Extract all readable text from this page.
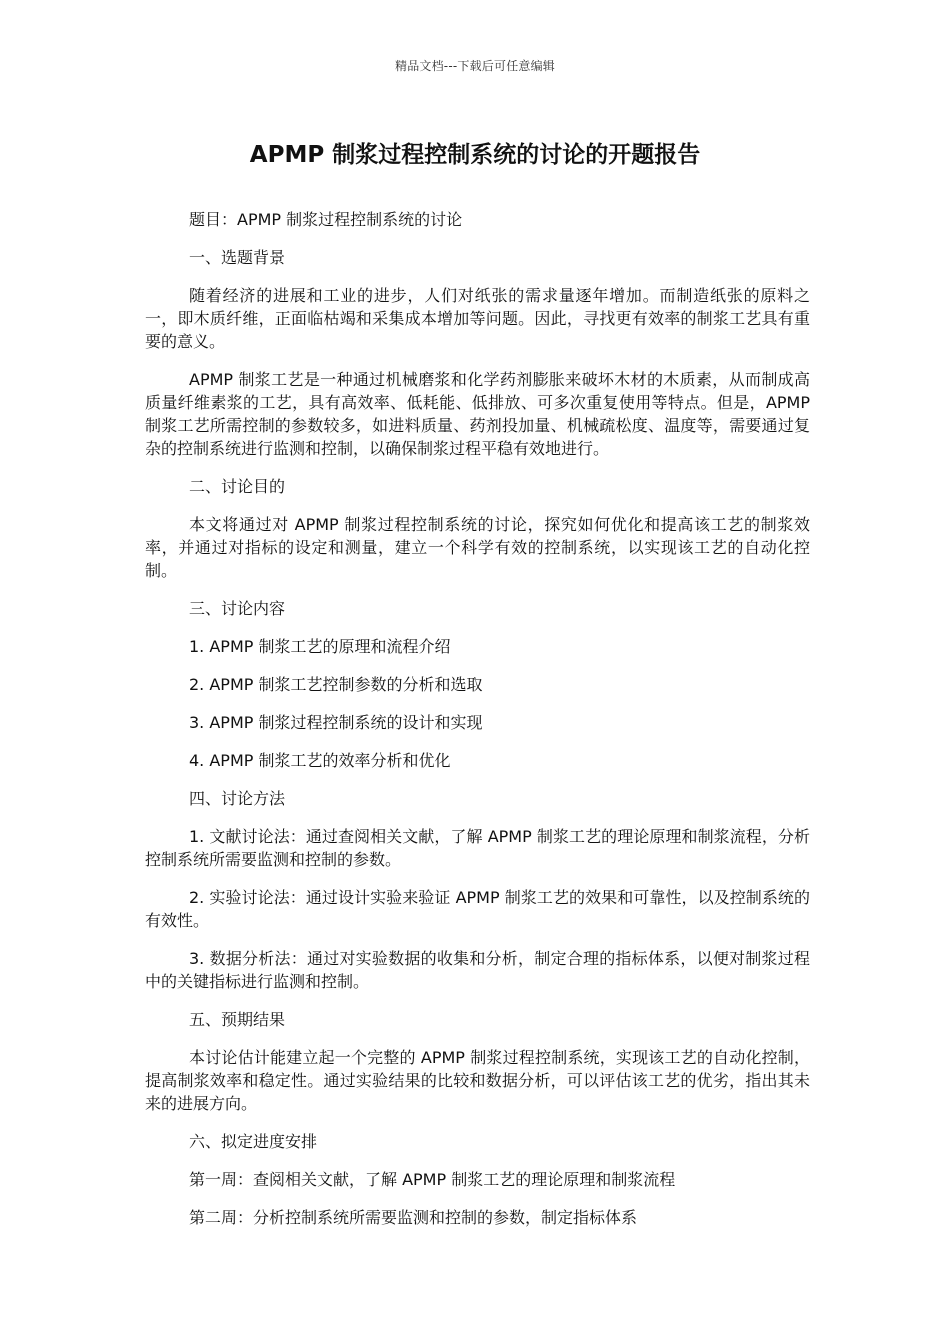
精品文档---下载后可任意编辑
APMP 制浆过程控制系统的讨论的开题报告

题目：APMP 制浆过程控制系统的讨论

一、选题背景

随着经济的进展和工业的进步，人们对纸张的需求量逐年增加。而制造纸张的原料之一，即木质纤维，正面临枯竭和采集成本增加等问题。因此，寻找更有效率的制浆工艺具有重要的意义。

APMP 制浆工艺是一种通过机械磨浆和化学药剂膨胀来破坏木材的木质素，从而制成高质量纤维素浆的工艺，具有高效率、低耗能、低排放、可多次重复使用等特点。但是，APMP 制浆工艺所需控制的参数较多，如进料质量、药剂投加量、机械疏松度、温度等，需要通过复杂的控制系统进行监测和控制，以确保制浆过程平稳有效地进行。

二、讨论目的

本文将通过对 APMP 制浆过程控制系统的讨论，探究如何优化和提高该工艺的制浆效率，并通过对指标的设定和测量，建立一个科学有效的控制系统，以实现该工艺的自动化控制。

三、讨论内容

1. APMP 制浆工艺的原理和流程介绍

2. APMP 制浆工艺控制参数的分析和选取

3. APMP 制浆过程控制系统的设计和实现

4. APMP 制浆工艺的效率分析和优化

四、讨论方法

1. 文献讨论法：通过查阅相关文献，了解 APMP 制浆工艺的理论原理和制浆流程，分析控制系统所需要监测和控制的参数。

2. 实验讨论法：通过设计实验来验证 APMP 制浆工艺的效果和可靠性，以及控制系统的有效性。

3. 数据分析法：通过对实验数据的收集和分析，制定合理的指标体系，以便对制浆过程中的关键指标进行监测和控制。

五、预期结果

本讨论估计能建立起一个完整的 APMP 制浆过程控制系统，实现该工艺的自动化控制，提高制浆效率和稳定性。通过实验结果的比较和数据分析，可以评估该工艺的优劣，指出其未来的进展方向。

六、拟定进度安排

第一周：查阅相关文献，了解 APMP 制浆工艺的理论原理和制浆流程

第二周：分析控制系统所需要监测和控制的参数，制定指标体系
